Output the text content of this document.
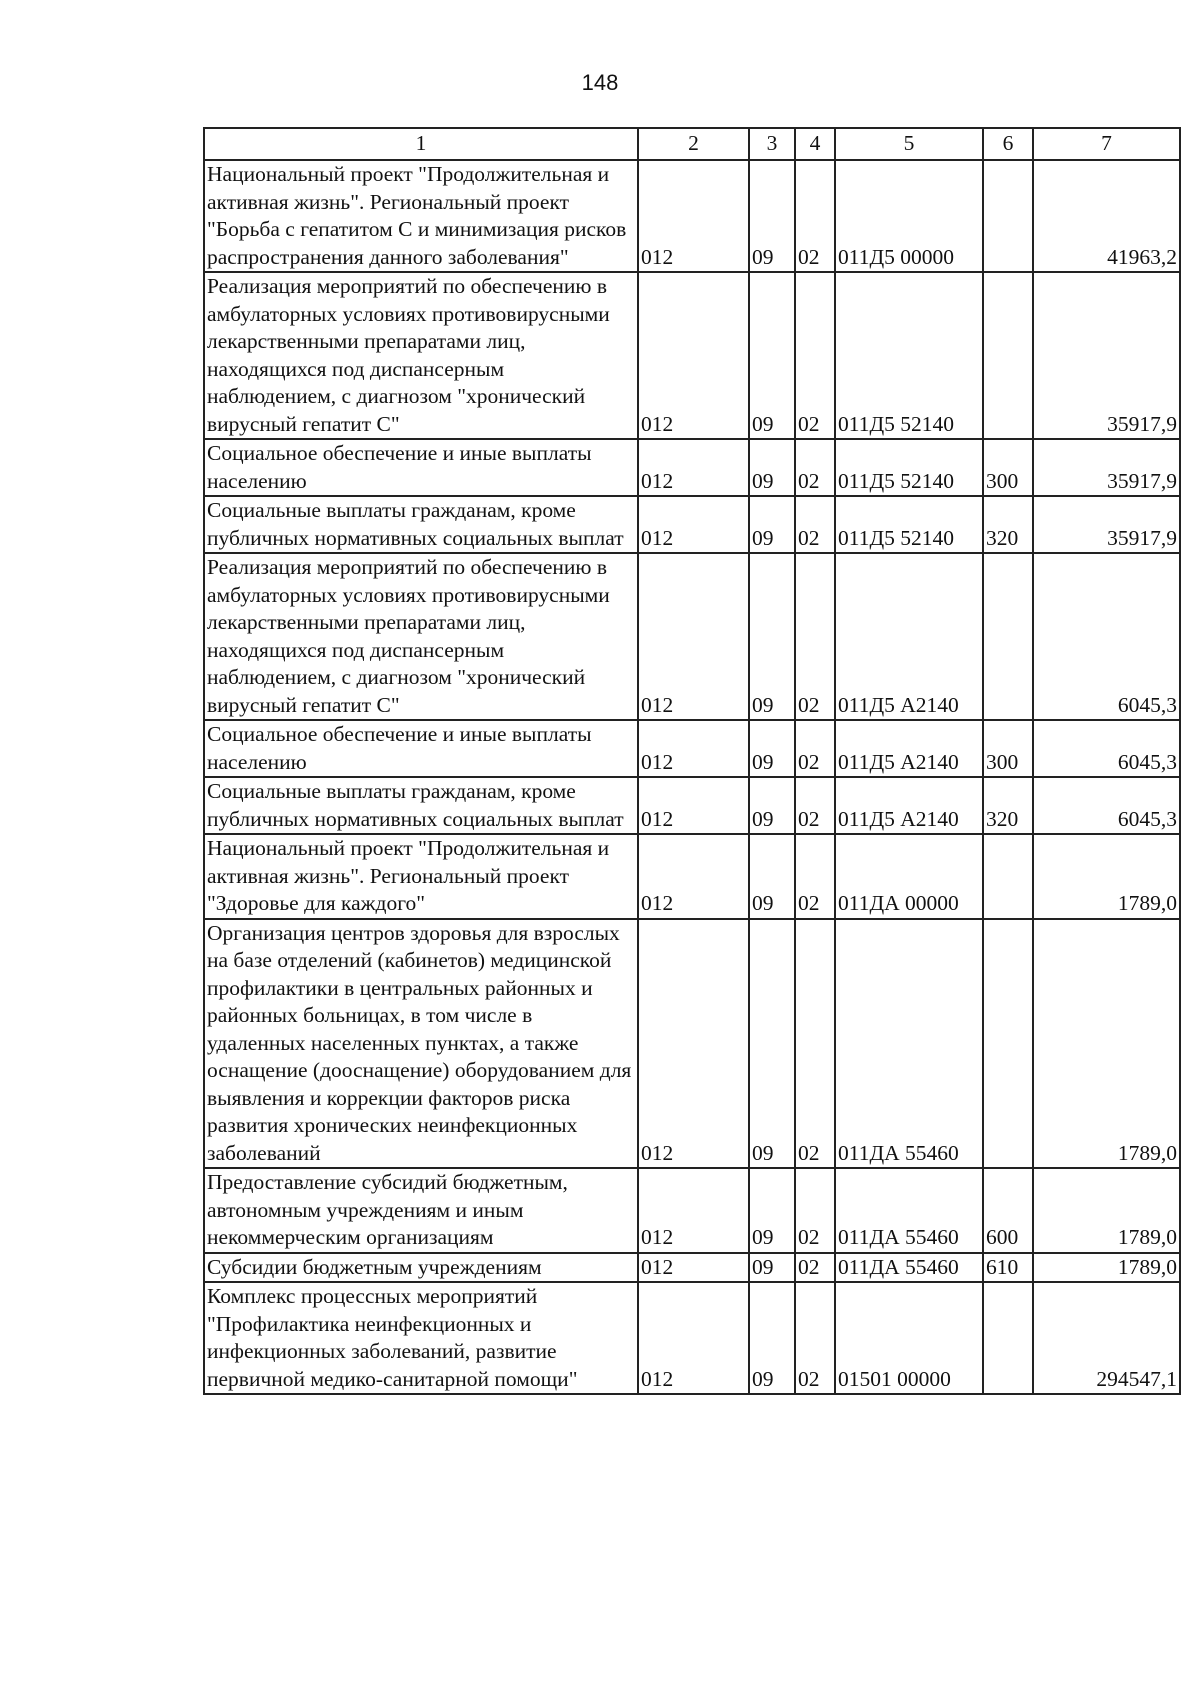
148
1	2	3	4	5	6	7
Национальный проект "Продолжительная и активная жизнь". Региональный проект "Борьба с гепатитом С и минимизация рисков распространения данного заболевания"	012	09	02	011Д5 00000		41963,2
Реализация мероприятий по обеспечению в амбулаторных условиях противовирусными лекарственными препаратами лиц, находящихся под диспансерным наблюдением, с диагнозом "хронический вирусный гепатит С"	012	09	02	011Д5 52140		35917,9
Социальное обеспечение и иные выплаты населению	012	09	02	011Д5 52140	300	35917,9
Социальные выплаты гражданам, кроме публичных нормативных социальных выплат	012	09	02	011Д5 52140	320	35917,9
Реализация мероприятий по обеспечению в амбулаторных условиях противовирусными лекарственными препаратами лиц, находящихся под диспансерным наблюдением, с диагнозом "хронический вирусный гепатит С"	012	09	02	011Д5 А2140		6045,3
Социальное обеспечение и иные выплаты населению	012	09	02	011Д5 А2140	300	6045,3
Социальные выплаты гражданам, кроме публичных нормативных социальных выплат	012	09	02	011Д5 А2140	320	6045,3
Национальный проект "Продолжительная и активная жизнь". Региональный проект "Здоровье для каждого"	012	09	02	011ДА 00000		1789,0
Организация центров здоровья для взрослых на базе отделений (кабинетов) медицинской профилактики в центральных районных и районных больницах, в том числе в удаленных населенных пунктах, а также оснащение (дооснащение) оборудованием для выявления и коррекции факторов риска развития хронических неинфекционных заболеваний	012	09	02	011ДА 55460		1789,0
Предоставление субсидий бюджетным, автономным учреждениям и иным некоммерческим организациям	012	09	02	011ДА 55460	600	1789,0
Субсидии бюджетным учреждениям	012	09	02	011ДА 55460	610	1789,0
Комплекс процессных мероприятий "Профилактика неинфекционных и инфекционных заболеваний, развитие первичной медико-санитарной помощи"	012	09	02	01501 00000		294547,1
